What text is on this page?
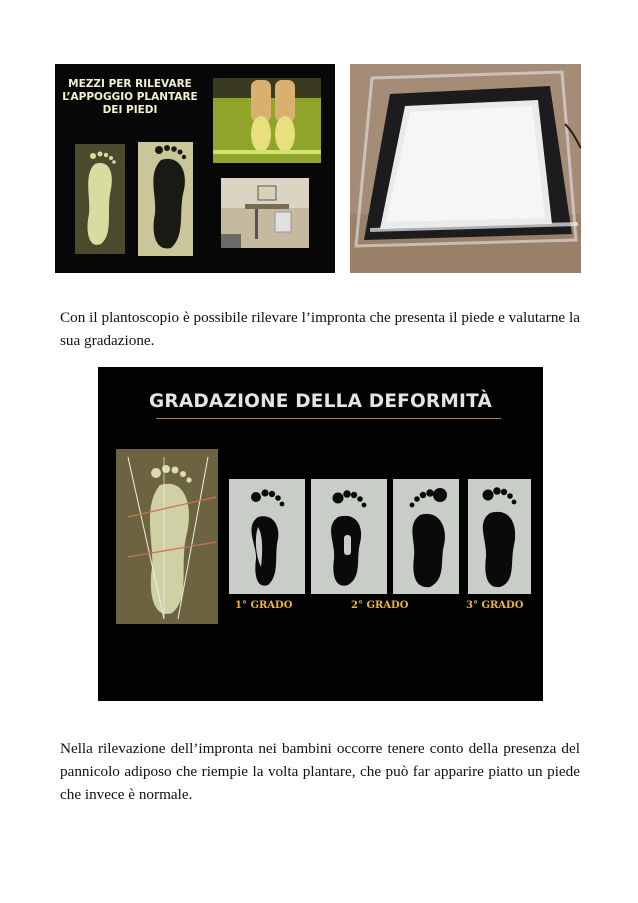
MEZZI PER RILEVARE
L’APPOGGIO PLANTARE
DEI PIEDI
Con il plantoscopio è possibile rilevare l’impronta che presenta il piede e valutarne la sua gradazione.
GRADAZIONE DELLA DEFORMITÀ
1° GRADO	2° GRADO	3° GRADO
Nella rilevazione dell’impronta nei bambini occorre tenere conto della presenza del pannicolo adiposo che riempie la volta plantare, che può far apparire piatto un piede che invece è normale.
